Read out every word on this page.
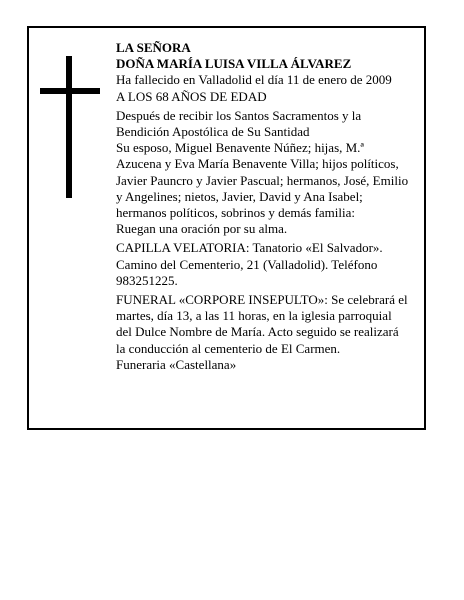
LA SEÑORA
DOÑA MARÍA LUISA VILLA ÁLVAREZ
Ha fallecido en Valladolid el día 11 de enero de 2009
A LOS 68 AÑOS DE EDAD
Después de recibir los Santos Sacramentos y la
Bendición Apostólica de Su Santidad
Su esposo, Miguel Benavente Núñez; hijas, M.ª
Azucena y Eva María Benavente Villa; hijos políticos,
Javier Pauncro y Javier Pascual; hermanos, José, Emilio
y Angelines; nietos, Javier, David y Ana Isabel;
hermanos políticos, sobrinos y demás familia:
Ruegan una oración por su alma.
CAPILLA VELATORIA: Tanatorio «El Salvador».
Camino del Cementerio, 21 (Valladolid). Teléfono
983251225.
FUNERAL «CORPORE INSEPULTO»: Se celebrará el
martes, día 13, a las 11 horas, en la iglesia parroquial
del Dulce Nombre de María. Acto seguido se realizará
la conducción al cementerio de El Carmen.
Funeraria «Castellana»
